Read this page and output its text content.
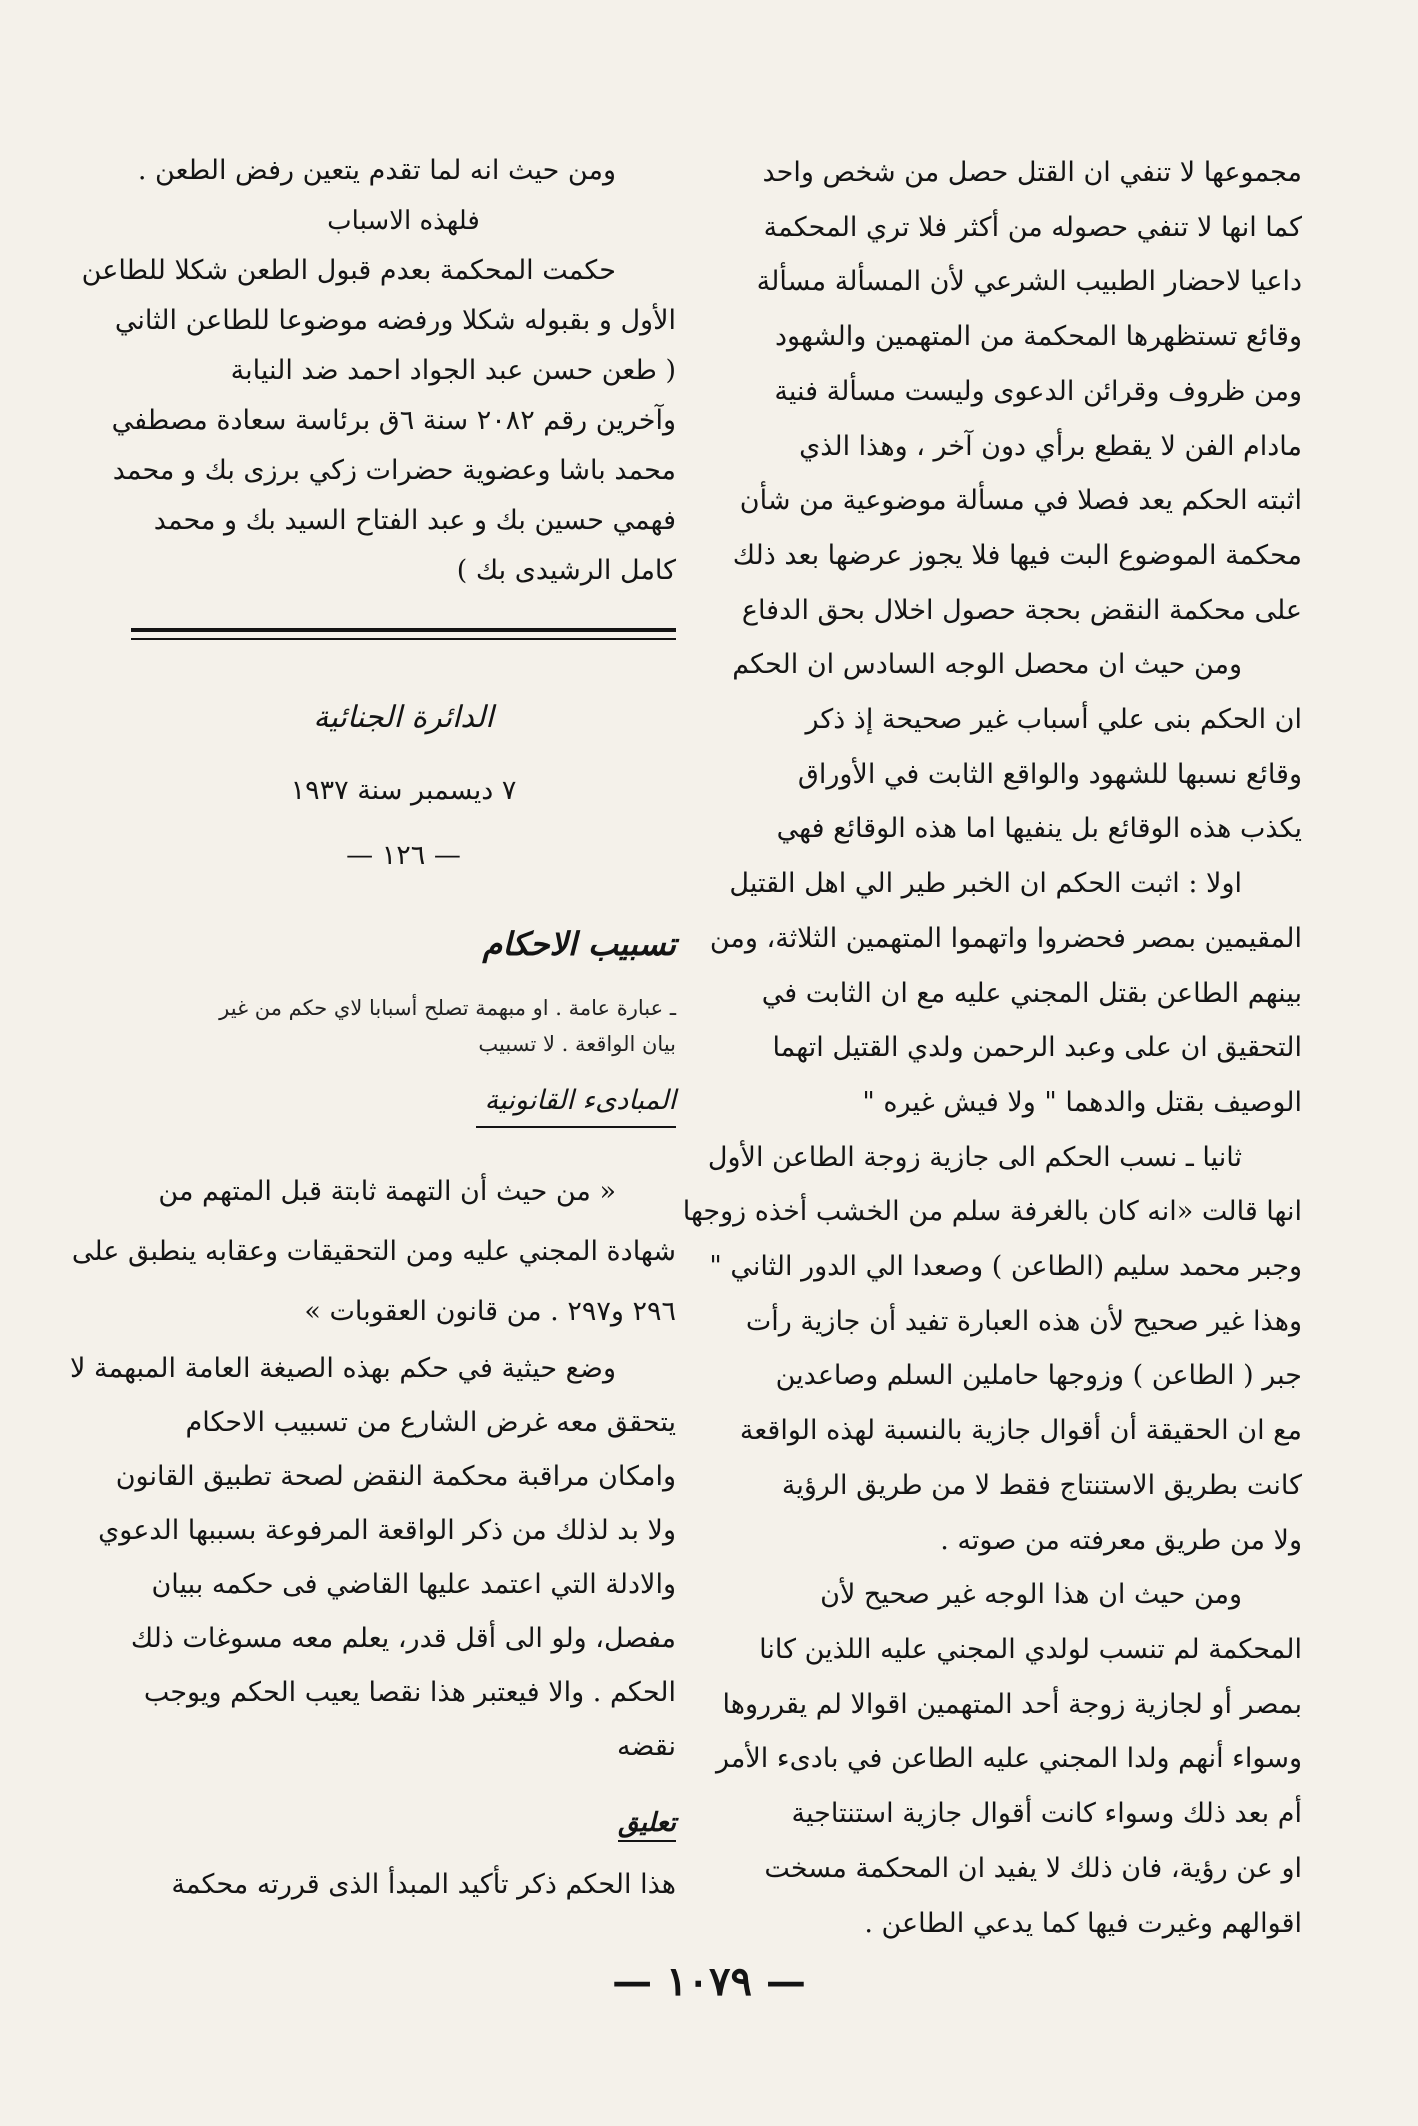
مجموعها لا تنفي ان القتل حصل من شخص واحد
كما انها لا تنفي حصوله من أكثر فلا تري المحكمة
داعيا لاحضار الطبيب الشرعي لأن المسألة مسألة
وقائع تستظهرها المحكمة من المتهمين والشهود
ومن ظروف وقرائن الدعوى وليست مسألة فنية
مادام الفن لا يقطع برأي دون آخر ، وهذا الذي
اثبته الحكم يعد فصلا في مسألة موضوعية من شأن
محكمة الموضوع البت فيها فلا يجوز عرضها بعد ذلك
على محكمة النقض بحجة حصول اخلال بحق الدفاع
ومن حيث ان محصل الوجه السادس ان الحكم
ان الحكم بنى علي أسباب غير صحيحة إذ ذكر
وقائع نسبها للشهود والواقع الثابت في الأوراق
يكذب هذه الوقائع بل ينفيها اما هذه الوقائع فهي
اولا : اثبت الحكم ان الخبر طير الي اهل القتيل
المقيمين بمصر فحضروا واتهموا المتهمين الثلاثة، ومن
بينهم الطاعن بقتل المجني عليه مع ان الثابت في
التحقيق ان على وعبد الرحمن ولدي القتيل اتهما
الوصيف بقتل والدهما " ولا فيش غيره "
ثانيا ـ نسب الحكم الى جازية زوجة الطاعن الأول
انها قالت «انه كان بالغرفة سلم من الخشب أخذه زوجها
وجبر محمد سليم (الطاعن ) وصعدا الي الدور الثاني "
وهذا غير صحيح لأن هذه العبارة تفيد أن جازية رأت
جبر ( الطاعن ) وزوجها حاملين السلم وصاعدين
مع ان الحقيقة أن أقوال جازية بالنسبة لهذه الواقعة
كانت بطريق الاستنتاج فقط لا من طريق الرؤية
ولا من طريق معرفته من صوته .
ومن حيث ان هذا الوجه غير صحيح لأن
المحكمة لم تنسب لولدي المجني عليه اللذين كانا
بمصر أو لجازية زوجة أحد المتهمين اقوالا لم يقرروها
وسواء أنهم ولدا المجني عليه الطاعن في بادىء الأمر
أم بعد ذلك وسواء كانت أقوال جازية استنتاجية
او عن رؤية، فان ذلك لا يفيد ان المحكمة مسخت
اقوالهم وغيرت فيها كما يدعي الطاعن .
ومن حيث انه لما تقدم يتعين رفض الطعن .
فلهذه الاسباب
حكمت المحكمة بعدم قبول الطعن شكلا للطاعن
الأول و بقبوله شكلا ورفضه موضوعا للطاعن الثاني
( طعن حسن عبد الجواد احمد ضد النيابة
وآخرين رقم ٢٠٨٢ سنة ٦ق برئاسة سعادة مصطفي
محمد باشا وعضوية حضرات زكي برزى بك و محمد
فهمي حسين بك و عبد الفتاح السيد بك و محمد
كامل الرشيدى بك )
الدائرة الجنائية
٧ ديسمبر سنة ١٩٣٧
— ١٢٦ —
تسبيب الاحكام
ـ عبارة عامة . او مبهمة تصلح أسبابا لاي حكم من غير
بيان الواقعة . لا تسبيب
المبادىء القانونية
« من حيث أن التهمة ثابتة قبل المتهم من
شهادة المجني عليه ومن التحقيقات وعقابه ينطبق على
٢٩٦ و٢٩٧ . من قانون العقوبات »
وضع حيثية في حكم بهذه الصيغة العامة المبهمة لا
يتحقق معه غرض الشارع من تسبيب الاحكام
وامكان مراقبة محكمة النقض لصحة تطبيق القانون
ولا بد لذلك من ذكر الواقعة المرفوعة بسببها الدعوي
والادلة التي اعتمد عليها القاضي فى حكمه ببيان
مفصل، ولو الى أقل قدر، يعلم معه مسوغات ذلك
الحكم . والا فيعتبر هذا نقصا يعيب الحكم ويوجب
نقضه
تعليق
هذا الحكم ذكر تأكيد المبدأ الذى قررته محكمة
— ١٠٧٩ —
